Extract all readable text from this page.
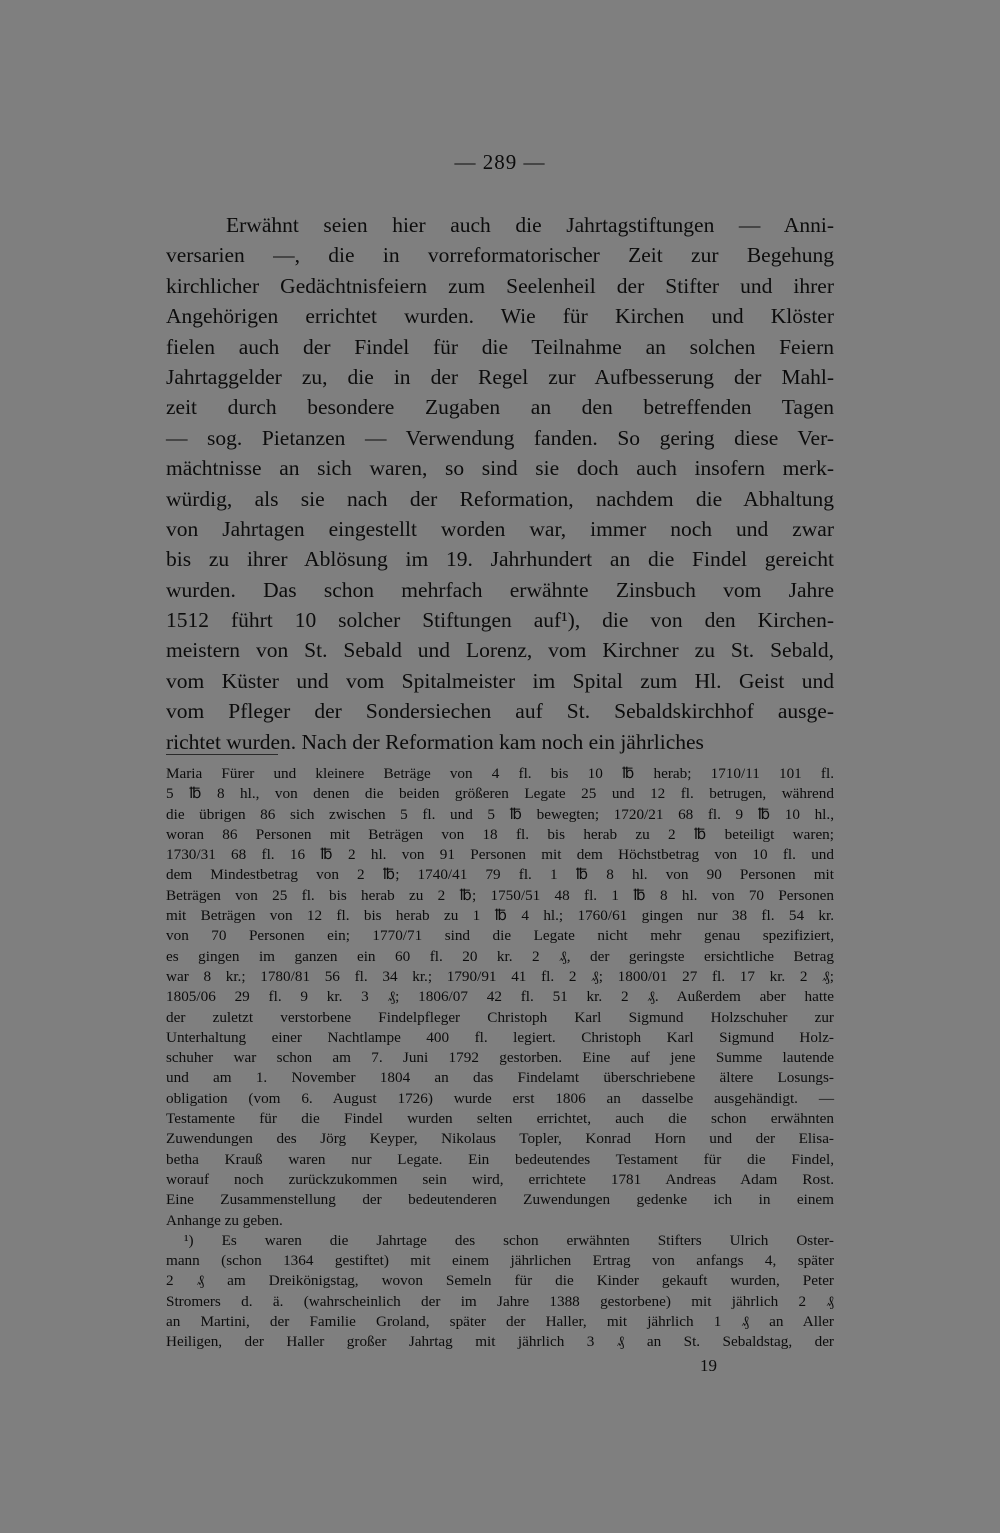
— 289 —
Erwähnt seien hier auch die Jahrtagstiftungen — Anni-
versarien —, die in vorreformatorischer Zeit zur Begehung
kirchlicher Gedächtnisfeiern zum Seelenheil der Stifter und ihrer
Angehörigen errichtet wurden. Wie für Kirchen und Klöster
fielen auch der Findel für die Teilnahme an solchen Feiern
Jahrtaggelder zu, die in der Regel zur Aufbesserung der Mahl-
zeit durch besondere Zugaben an den betreffenden Tagen
— sog. Pietanzen — Verwendung fanden. So gering diese Ver-
mächtnisse an sich waren, so sind sie doch auch insofern merk-
würdig, als sie nach der Reformation, nachdem die Abhaltung
von Jahrtagen eingestellt worden war, immer noch und zwar
bis zu ihrer Ablösung im 19. Jahrhundert an die Findel gereicht
wurden. Das schon mehrfach erwähnte Zinsbuch vom Jahre
1512 führt 10 solcher Stiftungen auf¹), die von den Kirchen-
meistern von St. Sebald und Lorenz, vom Kirchner zu St. Sebald,
vom Küster und vom Spitalmeister im Spital zum Hl. Geist und
vom Pfleger der Sondersiechen auf St. Sebaldskirchhof ausge-
richtet wurden. Nach der Reformation kam noch ein jährliches
Maria Fürer und kleinere Beträge von 4 fl. bis 10 ℔ herab; 1710/11 101 fl.
5 ℔ 8 hl., von denen die beiden größeren Legate 25 und 12 fl. betrugen, während
die übrigen 86 sich zwischen 5 fl. und 5 ℔ bewegten; 1720/21 68 fl. 9 ℔ 10 hl.,
woran 86 Personen mit Beträgen von 18 fl. bis herab zu 2 ℔ beteiligt waren;
1730/31 68 fl. 16 ℔ 2 hl. von 91 Personen mit dem Höchstbetrag von 10 fl. und
dem Mindestbetrag von 2 ℔; 1740/41 79 fl. 1 ℔ 8 hl. von 90 Personen mit
Beträgen von 25 fl. bis herab zu 2 ℔; 1750/51 48 fl. 1 ℔ 8 hl. von 70 Personen
mit Beträgen von 12 fl. bis herab zu 1 ℔ 4 hl.; 1760/61 gingen nur 38 fl. 54 kr.
von 70 Personen ein; 1770/71 sind die Legate nicht mehr genau spezifiziert,
es gingen im ganzen ein 60 fl. 20 kr. 2 ₰, der geringste ersichtliche Betrag
war 8 kr.; 1780/81 56 fl. 34 kr.; 1790/91 41 fl. 2 ₰; 1800/01 27 fl. 17 kr. 2 ₰;
1805/06 29 fl. 9 kr. 3 ₰; 1806/07 42 fl. 51 kr. 2 ₰. Außerdem aber hatte
der zuletzt verstorbene Findelpfleger Christoph Karl Sigmund Holzschuher zur
Unterhaltung einer Nachtlampe 400 fl. legiert. Christoph Karl Sigmund Holz-
schuher war schon am 7. Juni 1792 gestorben. Eine auf jene Summe lautende
und am 1. November 1804 an das Findelamt überschriebene ältere Losungs-
obligation (vom 6. August 1726) wurde erst 1806 an dasselbe ausgehändigt. —
Testamente für die Findel wurden selten errichtet, auch die schon erwähnten
Zuwendungen des Jörg Keyper, Nikolaus Topler, Konrad Horn und der Elisa-
betha Krauß waren nur Legate. Ein bedeutendes Testament für die Findel,
worauf noch zurückzukommen sein wird, errichtete 1781 Andreas Adam Rost.
Eine Zusammenstellung der bedeutenderen Zuwendungen gedenke ich in einem
Anhange zu geben.
¹) Es waren die Jahrtage des schon erwähnten Stifters Ulrich Oster-
mann (schon 1364 gestiftet) mit einem jährlichen Ertrag von anfangs 4, später
2 ₰ am Dreikönigstag, wovon Semeln für die Kinder gekauft wurden, Peter
Stromers d. ä. (wahrscheinlich der im Jahre 1388 gestorbene) mit jährlich 2 ₰
an Martini, der Familie Groland, später der Haller, mit jährlich 1 ₰ an Aller
Heiligen, der Haller großer Jahrtag mit jährlich 3 ₰ an St. Sebaldstag, der
19
